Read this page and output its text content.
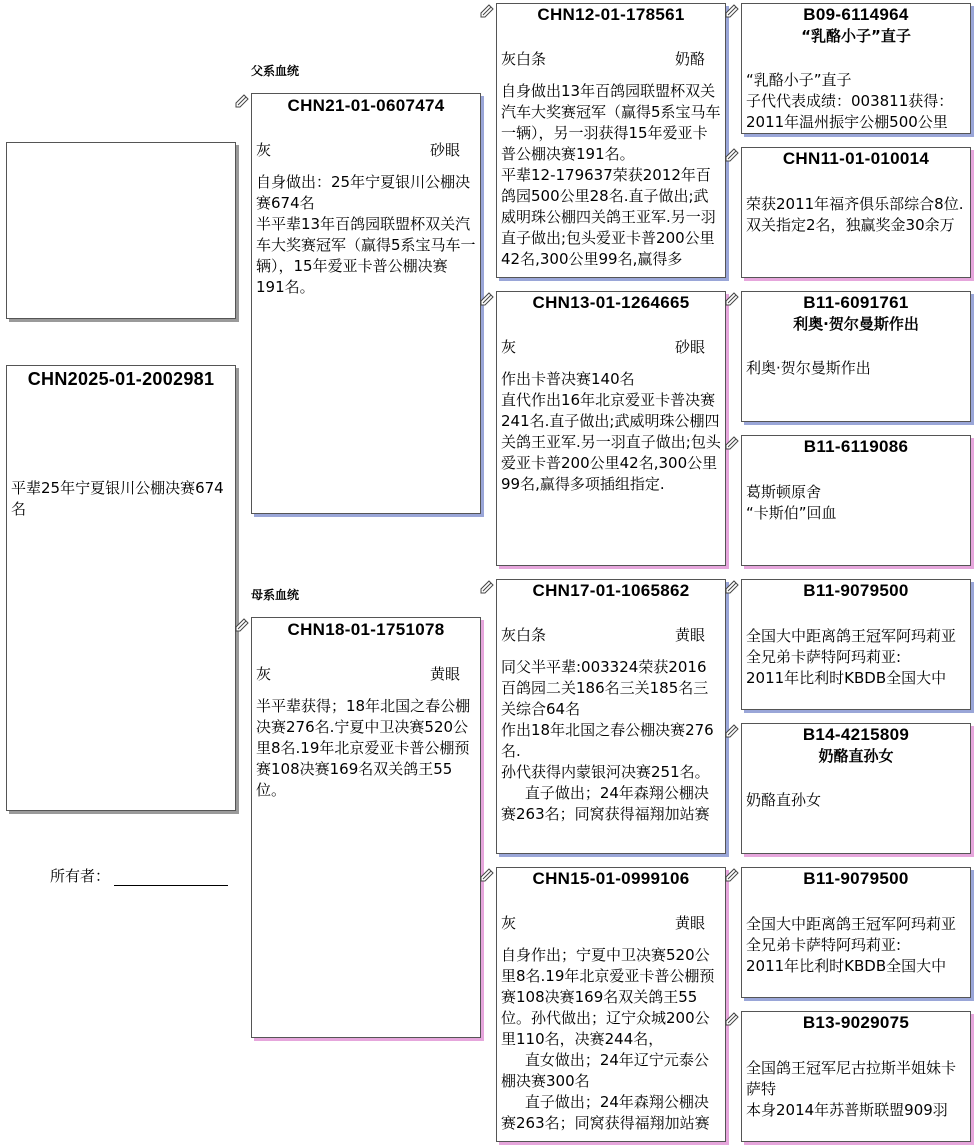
父系血统
母系血统
CHN2025-01-2002981
平辈25年宁夏银川公棚决赛674名
所有者：
CHN21-01-0607474
灰	砂眼
自身做出：25年宁夏银川公棚决赛674名
半平辈13年百鸽园联盟杯双关汽车大奖赛冠军（赢得5系宝马车一辆），15年爱亚卡普公棚决赛191名。
CHN18-01-1751078
灰	黄眼
半平辈获得；18年北国之春公棚决赛276名.宁夏中卫决赛520公里8名.19年北京爱亚卡普公棚预赛108决赛169名双关鸽王55位。
CHN12-01-178561
灰白条	奶酪
自身做出13年百鸽园联盟杯双关汽车大奖赛冠军（赢得5系宝马车一辆），另一羽获得15年爱亚卡普公棚决赛191名。
平辈12-179637荣获2012年百鸽园500公里28名.直子做出;武威明珠公棚四关鸽王亚军.另一羽直子做出;包头爱亚卡普200公里42名,300公里99名,赢得多
CHN13-01-1264665
灰	砂眼
作出卡普决赛140名
直代作出16年北京爱亚卡普决赛241名.直子做出;武威明珠公棚四关鸽王亚军.另一羽直子做出;包头爱亚卡普200公里42名,300公里99名,赢得多项插组指定.
CHN17-01-1065862
灰白条	黄眼
同父半平辈:003324荣获2016百鸽园二关186名三关185名三关综合64名
作出18年北国之春公棚决赛276名.
孙代获得内蒙银河决赛251名。
直子做出；24年森翔公棚决赛263名；同窝获得福翔加站赛
CHN15-01-0999106
灰	黄眼
自身作出；宁夏中卫决赛520公里8名.19年北京爱亚卡普公棚预赛108决赛169名双关鸽王55位。孙代做出；辽宁众城200公里110名，决赛244名，
直女做出；24年辽宁元泰公棚决赛300名
直子做出；24年森翔公棚决赛263名；同窝获得福翔加站赛
B09-6114964
“乳酪小子”直子
“乳酪小子”直子
子代代表成绩：003811获得：2011年温州振宇公棚500公里
CHN11-01-010014
荣获2011年福齐俱乐部综合8位.
双关指定2名，独赢奖金30余万
B11-6091761
利奥·贺尔曼斯作出
利奥·贺尔曼斯作出
B11-6119086
葛斯顿原舍
“卡斯伯”回血
B11-9079500
全国大中距离鸽王冠军阿玛莉亚全兄弟卡萨特阿玛莉亚:
2011年比利时KBDB全国大中
B14-4215809
奶酪直孙女
奶酪直孙女
B11-9079500
全国大中距离鸽王冠军阿玛莉亚全兄弟卡萨特阿玛莉亚:
2011年比利时KBDB全国大中
B13-9029075
全国鸽王冠军尼古拉斯半姐妹卡萨特
本身2014年苏普斯联盟909羽
